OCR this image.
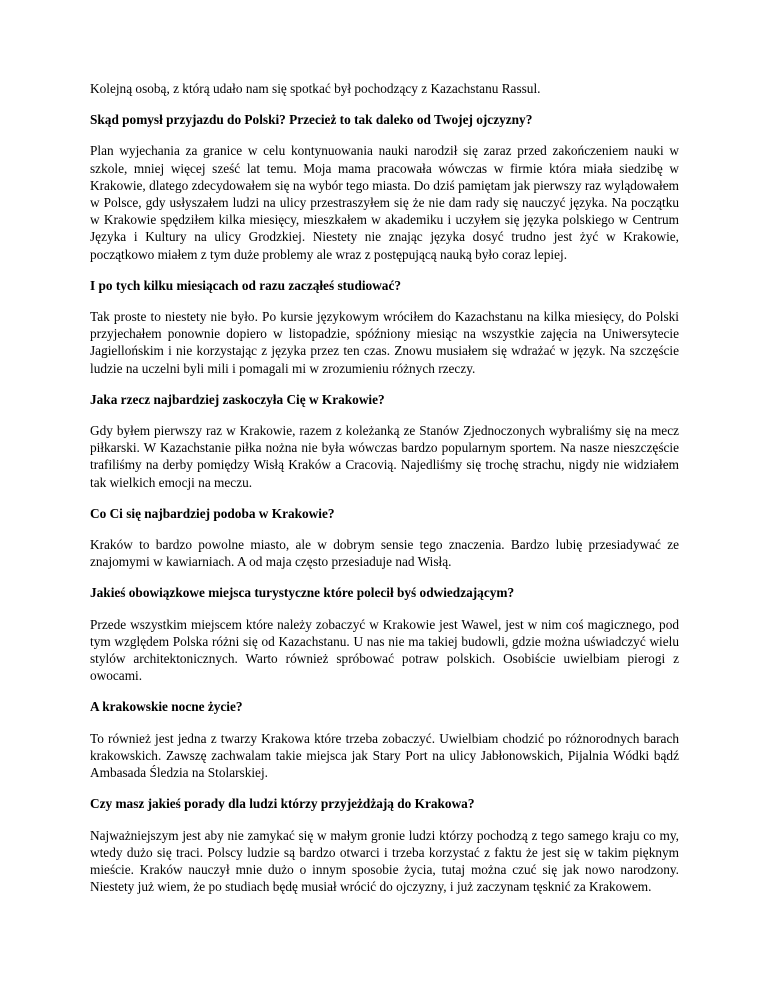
Kolejną osobą, z którą udało nam się spotkać był pochodzący z Kazachstanu Rassul.

Skąd pomysł przyjazdu do Polski? Przecież to tak daleko od Twojej ojczyzny?

Plan wyjechania za granice w celu kontynuowania nauki narodził się zaraz przed zakończeniem nauki w szkole, mniej więcej sześć lat temu. Moja mama pracowała wówczas w firmie która miała siedzibę w Krakowie, dlatego zdecydowałem się na wybór tego miasta. Do dziś pamiętam jak pierwszy raz wylądowałem w Polsce, gdy usłyszałem ludzi na ulicy przestraszyłem się że nie dam rady się nauczyć języka. Na początku w Krakowie spędziłem kilka miesięcy, mieszkałem w akademiku i uczyłem się języka polskiego w Centrum Języka i Kultury na ulicy Grodzkiej. Niestety nie znając języka dosyć trudno jest żyć w Krakowie, początkowo miałem z tym duże problemy ale wraz z postępującą nauką było coraz lepiej.

I po tych kilku miesiącach od razu zacząłeś studiować?

Tak proste to niestety nie było. Po kursie językowym wróciłem do Kazachstanu na kilka miesięcy, do Polski przyjechałem ponownie dopiero w listopadzie, spóźniony miesiąc na wszystkie zajęcia na Uniwersytecie Jagiellońskim i nie korzystając z języka przez ten czas. Znowu musiałem się wdrażać w język. Na szczęście ludzie na uczelni byli mili i pomagali mi w zrozumieniu różnych rzeczy.

Jaka rzecz najbardziej zaskoczyła Cię w Krakowie?

Gdy byłem pierwszy raz w Krakowie, razem z koleżanką ze Stanów Zjednoczonych wybraliśmy się na mecz piłkarski. W Kazachstanie piłka nożna nie była wówczas bardzo popularnym sportem. Na nasze nieszczęście trafiliśmy na derby pomiędzy Wisłą Kraków a Cracovią. Najedliśmy się trochę strachu, nigdy nie widziałem tak wielkich emocji na meczu.

Co Ci się najbardziej podoba w Krakowie?

Kraków to bardzo powolne miasto, ale w dobrym sensie tego znaczenia. Bardzo lubię przesiadywać ze znajomymi w kawiarniach. A od maja często przesiaduje nad Wisłą.

Jakieś obowiązkowe miejsca turystyczne które polecił byś odwiedzającym?

Przede wszystkim miejscem które należy zobaczyć w Krakowie jest Wawel, jest w nim coś magicznego, pod tym względem Polska różni się od Kazachstanu. U nas nie ma takiej budowli, gdzie można uświadczyć wielu stylów architektonicznych. Warto również spróbować potraw polskich. Osobiście uwielbiam pierogi z owocami.

A krakowskie nocne życie?

To również jest jedna z twarzy Krakowa które trzeba zobaczyć. Uwielbiam chodzić po różnorodnych barach krakowskich. Zawszę zachwalam takie miejsca jak Stary Port na ulicy Jabłonowskich, Pijalnia Wódki bądź Ambasada Śledzia na Stolarskiej.

Czy masz jakieś porady dla ludzi którzy przyjeżdżają do Krakowa?

Najważniejszym jest aby nie zamykać się w małym gronie ludzi którzy pochodzą z tego samego kraju co my, wtedy dużo się traci. Polscy ludzie są bardzo otwarci i trzeba korzystać z faktu że jest się w takim pięknym mieście. Kraków nauczył mnie dużo o innym sposobie życia, tutaj można czuć się jak nowo narodzony. Niestety już wiem, że po studiach będę musiał wrócić do ojczyzny, i już zaczynam tęsknić za Krakowem.
